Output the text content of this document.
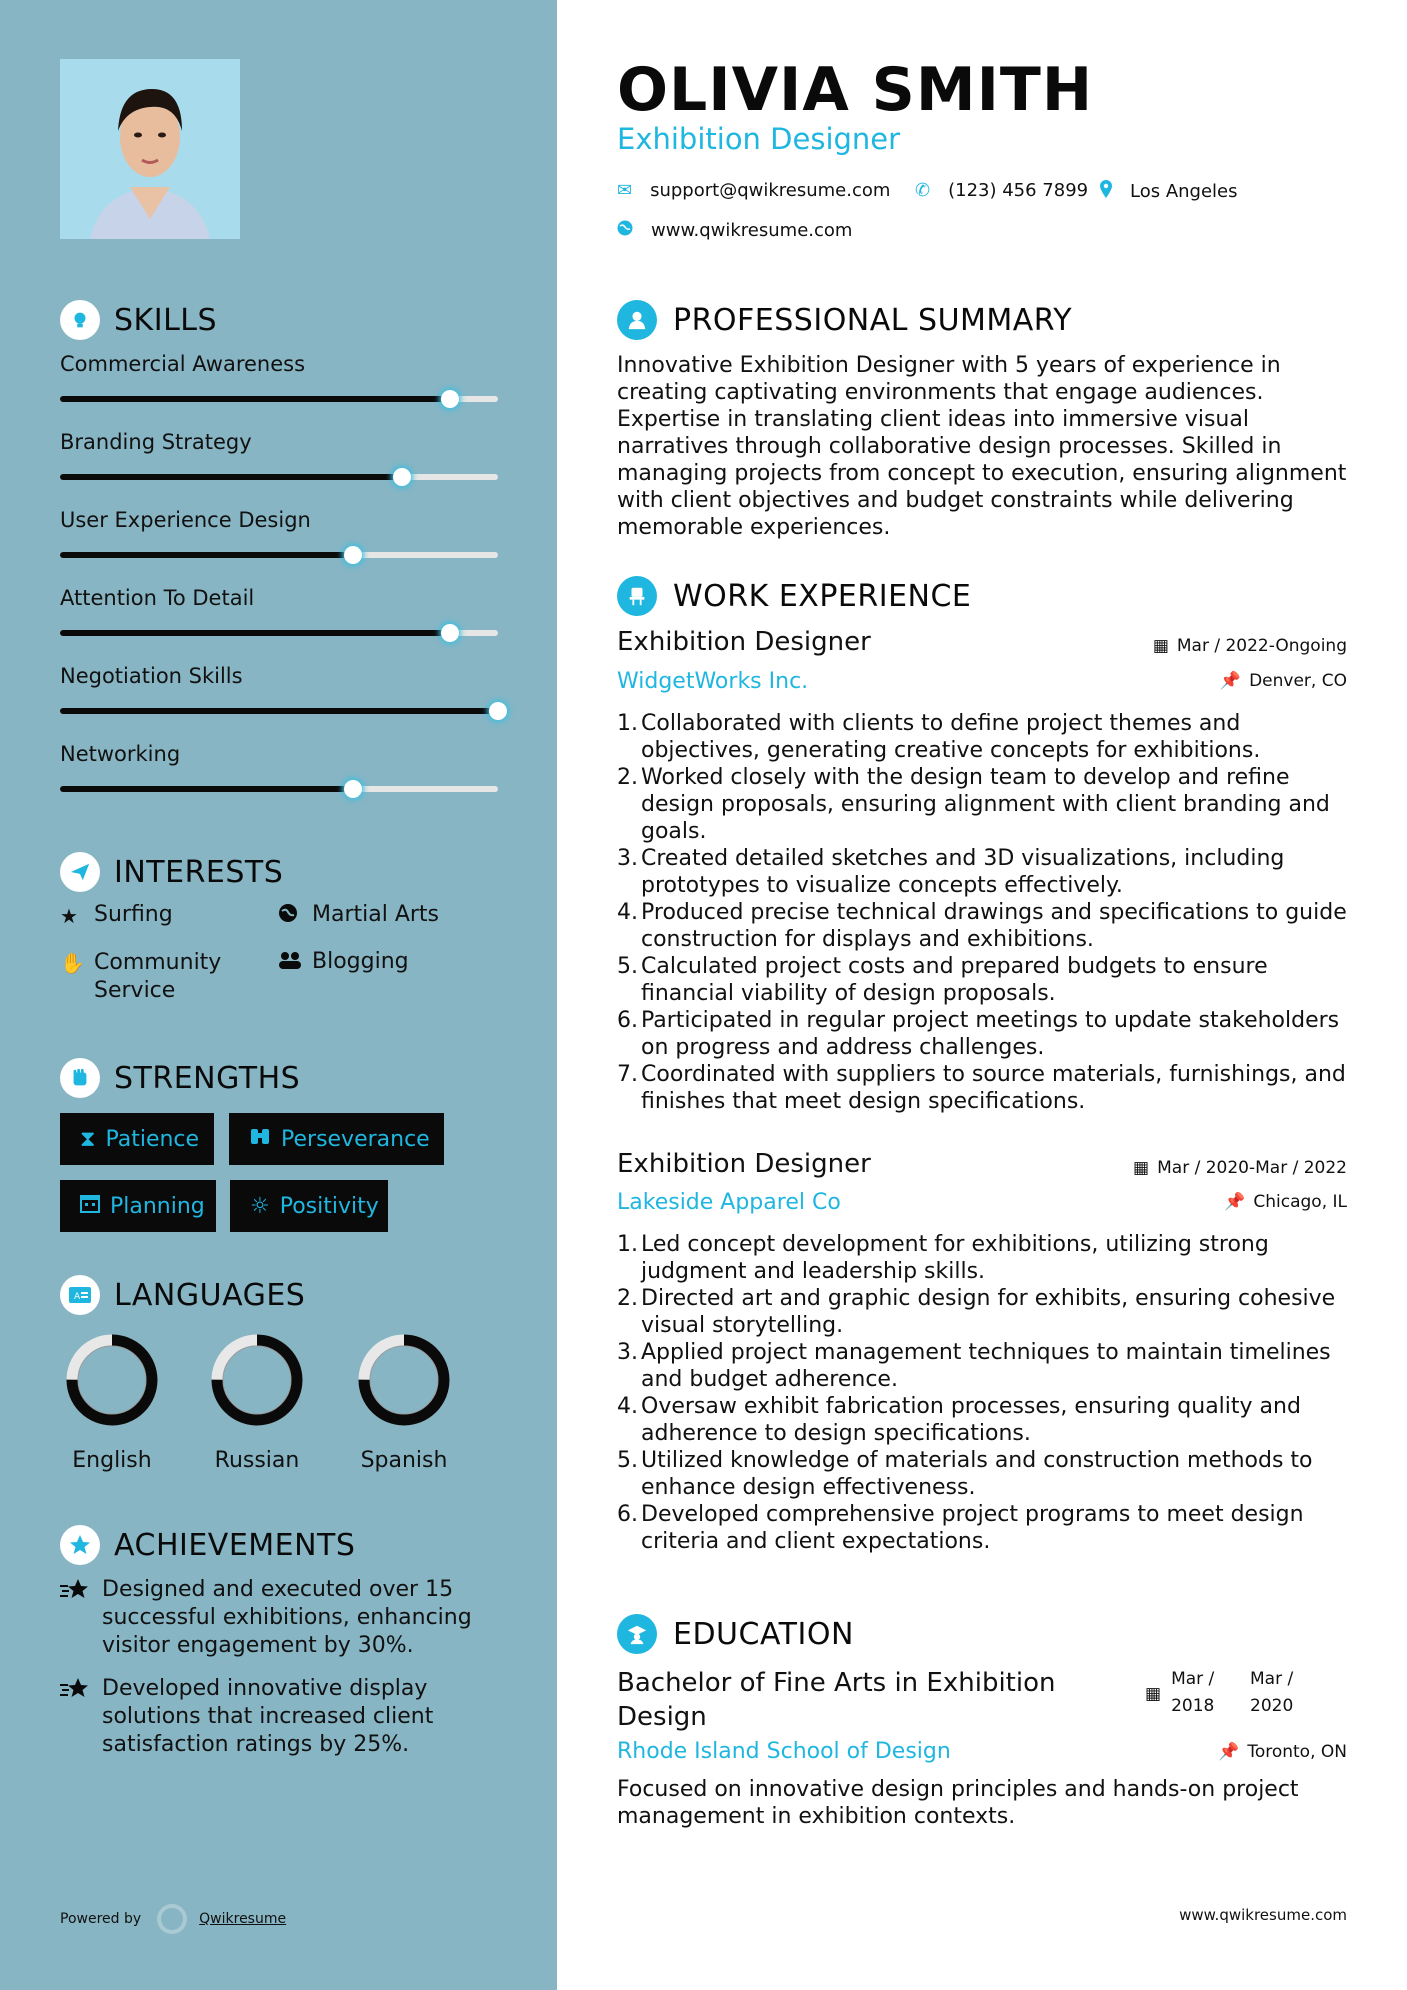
SKILLS
Commercial Awareness
Branding Strategy
User Experience Design
Attention To Detail
Negotiation Skills
Networking
INTERESTS
★ Surfing	Martial Arts
✋ Community Service
Blogging
STRENGTHS
⧗ Patience	Perseverance
Planning ☼ Positivity
A LANGUAGES
English	Russian	Spanish
ACHIEVEMENTS
Designed and executed over 15 successful exhibitions, enhancing visitor engagement by 30%.
Developed innovative display solutions that increased client satisfaction ratings by 25%.
Powered by	Qwikresume
OLIVIA SMITH
Exhibition Designer
✉ support@qwikresume.com ✆ (123) 456 7899 Los Angeles
www.qwikresume.com
PROFESSIONAL SUMMARY
Innovative Exhibition Designer with 5 years of experience in creating captivating environments that engage audiences. Expertise in translating client ideas into immersive visual narratives through collaborative design processes. Skilled in managing projects from concept to execution, ensuring alignment with client objectives and budget constraints while delivering memorable experiences.
WORK EXPERIENCE
Exhibition Designer
WidgetWorks Inc.
▦ Mar / 2022-Ongoing
📌 Denver, CO
1. Collaborated with clients to define project themes and objectives, generating creative concepts for exhibitions.
2. Worked closely with the design team to develop and refine design proposals, ensuring alignment with client branding and goals.
3. Created detailed sketches and 3D visualizations, including prototypes to visualize concepts effectively.
4. Produced precise technical drawings and specifications to guide construction for displays and exhibitions.
5. Calculated project costs and prepared budgets to ensure financial viability of design proposals.
6. Participated in regular project meetings to update stakeholders on progress and address challenges.
7. Coordinated with suppliers to source materials, furnishings, and finishes that meet design specifications.
Exhibition Designer
Lakeside Apparel Co
▦ Mar / 2020-Mar / 2022
📌 Chicago, IL
1. Led concept development for exhibitions, utilizing strong judgment and leadership skills.
2. Directed art and graphic design for exhibits, ensuring cohesive visual storytelling.
3. Applied project management techniques to maintain timelines and budget adherence.
4. Oversaw exhibit fabrication processes, ensuring quality and adherence to design specifications.
5. Utilized knowledge of materials and construction methods to enhance design effectiveness.
6. Developed comprehensive project programs to meet design criteria and client expectations.
EDUCATION
Bachelor of Fine Arts in Exhibition Design
▦
Mar / 2018
Mar / 2020
Rhode Island School of Design	📌 Toronto, ON
Focused on innovative design principles and hands-on project management in exhibition contexts.
www.qwikresume.com
